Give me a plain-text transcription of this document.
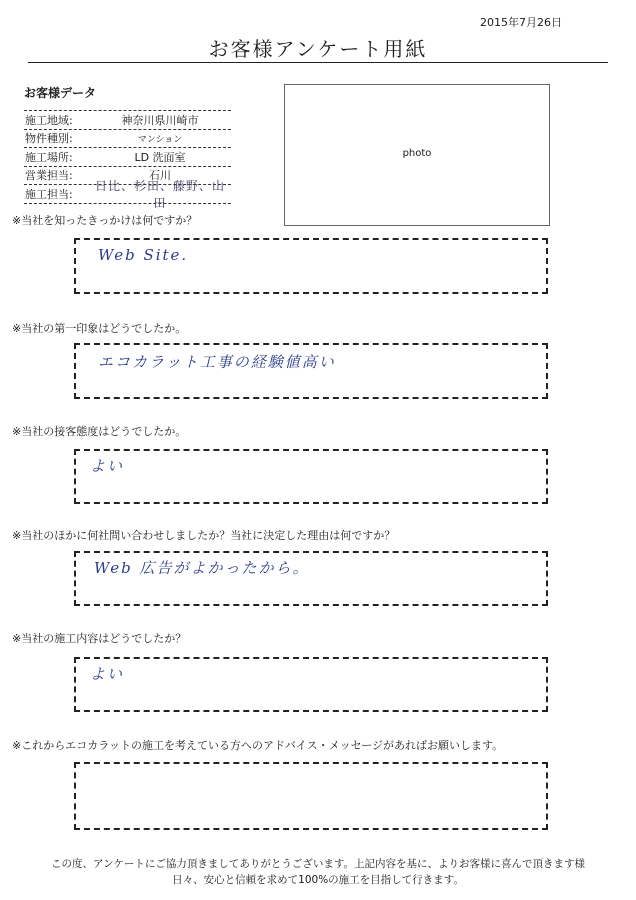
2015年7月26日
お客様アンケート用紙
お客様データ
施工地域:	神奈川県川崎市
物件種別:	マンション
施工場所:	LD 洗面室
営業担当:	石川
施工担当:
日比、杉田、藤野、山田
photo
※当社を知ったきっかけは何ですか？
Web Site.
※当社の第一印象はどうでしたか。
エコカラット工事の経験値高い
※当社の接客態度はどうでしたか。
よい
※当社のほかに何社問い合わせしましたか？当社に決定した理由は何ですか？
Web 広告がよかったから。
※当社の施工内容はどうでしたか？
よい
※これからエコカラットの施工を考えている方へのアドバイス・メッセージがあればお願いします。
この度、アンケートにご協力頂きましてありがとうございます。上記内容を基に、よりお客様に喜んで頂きます様
日々、安心と信頼を求めて100%の施工を目指して行きます。
